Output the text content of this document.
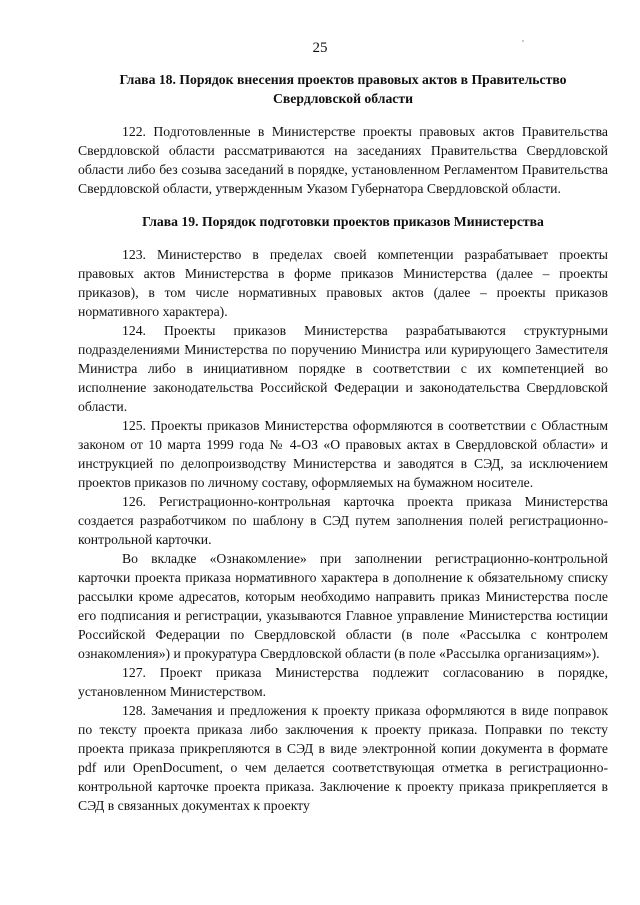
25

Глава 18. Порядок внесения проектов правовых актов в Правительство
Свердловской области

122. Подготовленные в Министерстве проекты правовых актов Правительства Свердловской области рассматриваются на заседаниях Правительства Свердловской области либо без созыва заседаний в порядке, установленном Регламентом Правительства Свердловской области, утвержденным Указом Губернатора Свердловской области.

Глава 19. Порядок подготовки проектов приказов Министерства

123. Министерство в пределах своей компетенции разрабатывает проекты правовых актов Министерства в форме приказов Министерства (далее – проекты приказов), в том числе нормативных правовых актов (далее – проекты приказов нормативного характера).

124. Проекты приказов Министерства разрабатываются структурными подразделениями Министерства по поручению Министра или курирующего Заместителя Министра либо в инициативном порядке в соответствии с их компетенцией во исполнение законодательства Российской Федерации и законодательства Свердловской области.

125. Проекты приказов Министерства оформляются в соответствии с Областным законом от 10 марта 1999 года № 4-ОЗ «О правовых актах в Свердловской области» и инструкцией по делопроизводству Министерства и заводятся в СЭД, за исключением проектов приказов по личному составу, оформляемых на бумажном носителе.

126. Регистрационно-контрольная карточка проекта приказа Министерства создается разработчиком по шаблону в СЭД путем заполнения полей регистрационно-контрольной карточки.

Во вкладке «Ознакомление» при заполнении регистрационно-контрольной карточки проекта приказа нормативного характера в дополнение к обязательному списку рассылки кроме адресатов, которым необходимо направить приказ Министерства после его подписания и регистрации, указываются Главное управление Министерства юстиции Российской Федерации по Свердловской области (в поле «Рассылка с контролем ознакомления») и прокуратура Свердловской области (в поле «Рассылка организациям»).

127. Проект приказа Министерства подлежит согласованию в порядке, установленном Министерством.

128. Замечания и предложения к проекту приказа оформляются в виде поправок по тексту проекта приказа либо заключения к проекту приказа. Поправки по тексту проекта приказа прикрепляются в СЭД в виде электронной копии документа в формате pdf или OpenDocument, о чем делается соответствующая отметка в регистрационно-контрольной карточке проекта приказа. Заключение к проекту приказа прикрепляется в СЭД в связанных документах к проекту
